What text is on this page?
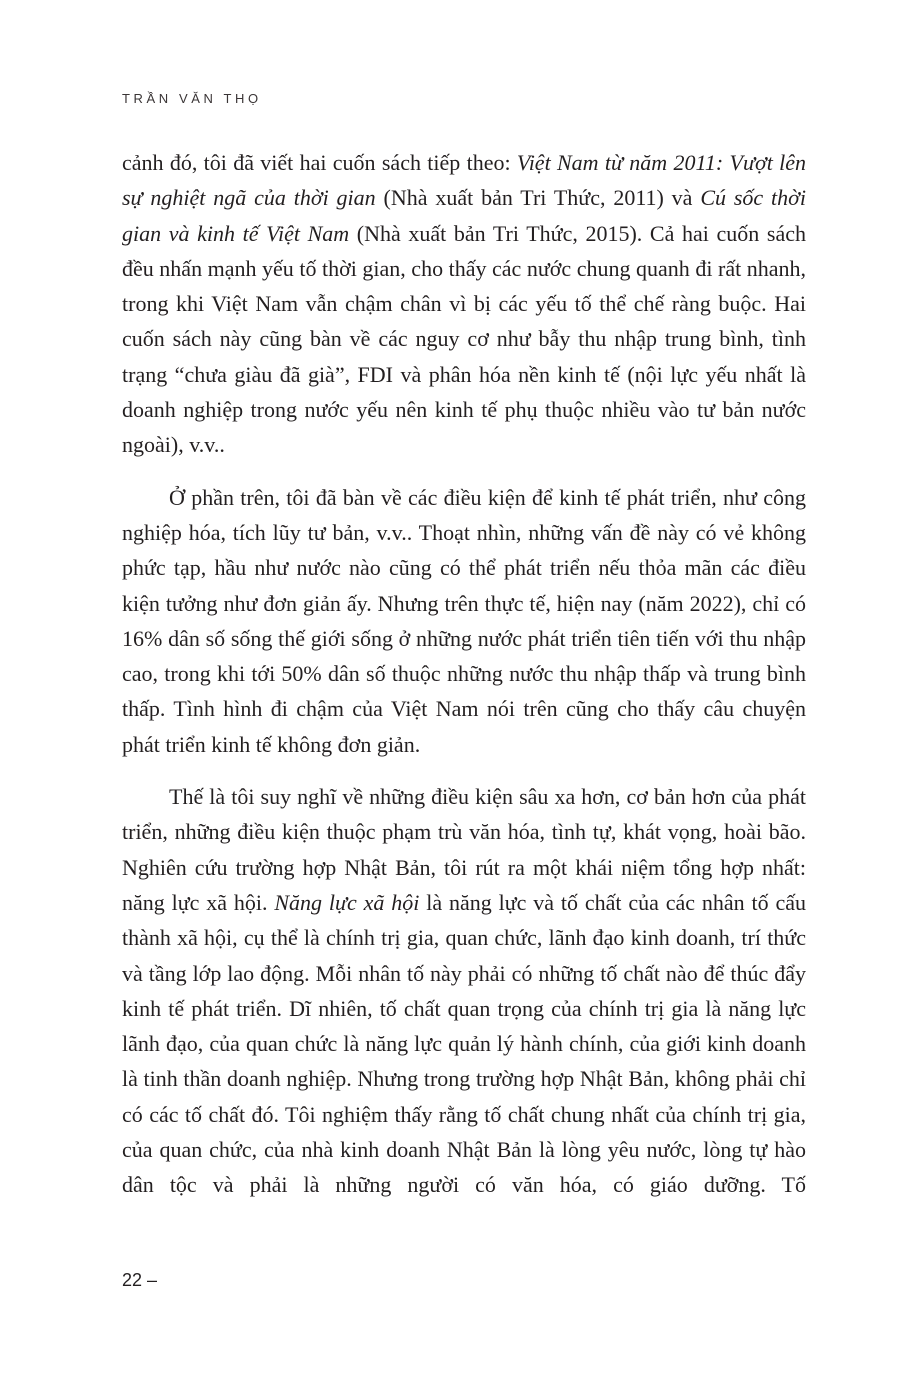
TRẦN VĂN THỌ

cảnh đó, tôi đã viết hai cuốn sách tiếp theo: Việt Nam từ năm 2011: Vượt lên sự nghiệt ngã của thời gian (Nhà xuất bản Tri Thức, 2011) và Cú sốc thời gian và kinh tế Việt Nam (Nhà xuất bản Tri Thức, 2015). Cả hai cuốn sách đều nhấn mạnh yếu tố thời gian, cho thấy các nước chung quanh đi rất nhanh, trong khi Việt Nam vẫn chậm chân vì bị các yếu tố thể chế ràng buộc. Hai cuốn sách này cũng bàn về các nguy cơ như bẫy thu nhập trung bình, tình trạng “chưa giàu đã già”, FDI và phân hóa nền kinh tế (nội lực yếu nhất là doanh nghiệp trong nước yếu nên kinh tế phụ thuộc nhiều vào tư bản nước ngoài), v.v..

Ở phần trên, tôi đã bàn về các điều kiện để kinh tế phát triển, như công nghiệp hóa, tích lũy tư bản, v.v.. Thoạt nhìn, những vấn đề này có vẻ không phức tạp, hầu như nước nào cũng có thể phát triển nếu thỏa mãn các điều kiện tưởng như đơn giản ấy. Nhưng trên thực tế, hiện nay (năm 2022), chỉ có 16% dân số sống thế giới sống ở những nước phát triển tiên tiến với thu nhập cao, trong khi tới 50% dân số thuộc những nước thu nhập thấp và trung bình thấp. Tình hình đi chậm của Việt Nam nói trên cũng cho thấy câu chuyện phát triển kinh tế không đơn giản.

Thế là tôi suy nghĩ về những điều kiện sâu xa hơn, cơ bản hơn của phát triển, những điều kiện thuộc phạm trù văn hóa, tình tự, khát vọng, hoài bão. Nghiên cứu trường hợp Nhật Bản, tôi rút ra một khái niệm tổng hợp nhất: năng lực xã hội. Năng lực xã hội là năng lực và tố chất của các nhân tố cấu thành xã hội, cụ thể là chính trị gia, quan chức, lãnh đạo kinh doanh, trí thức và tầng lớp lao động. Mỗi nhân tố này phải có những tố chất nào để thúc đẩy kinh tế phát triển. Dĩ nhiên, tố chất quan trọng của chính trị gia là năng lực lãnh đạo, của quan chức là năng lực quản lý hành chính, của giới kinh doanh là tinh thần doanh nghiệp. Nhưng trong trường hợp Nhật Bản, không phải chỉ có các tố chất đó. Tôi nghiệm thấy rằng tố chất chung nhất của chính trị gia, của quan chức, của nhà kinh doanh Nhật Bản là lòng yêu nước, lòng tự hào dân tộc và phải là những người có văn hóa, có giáo dưỡng. Tố

22 –
